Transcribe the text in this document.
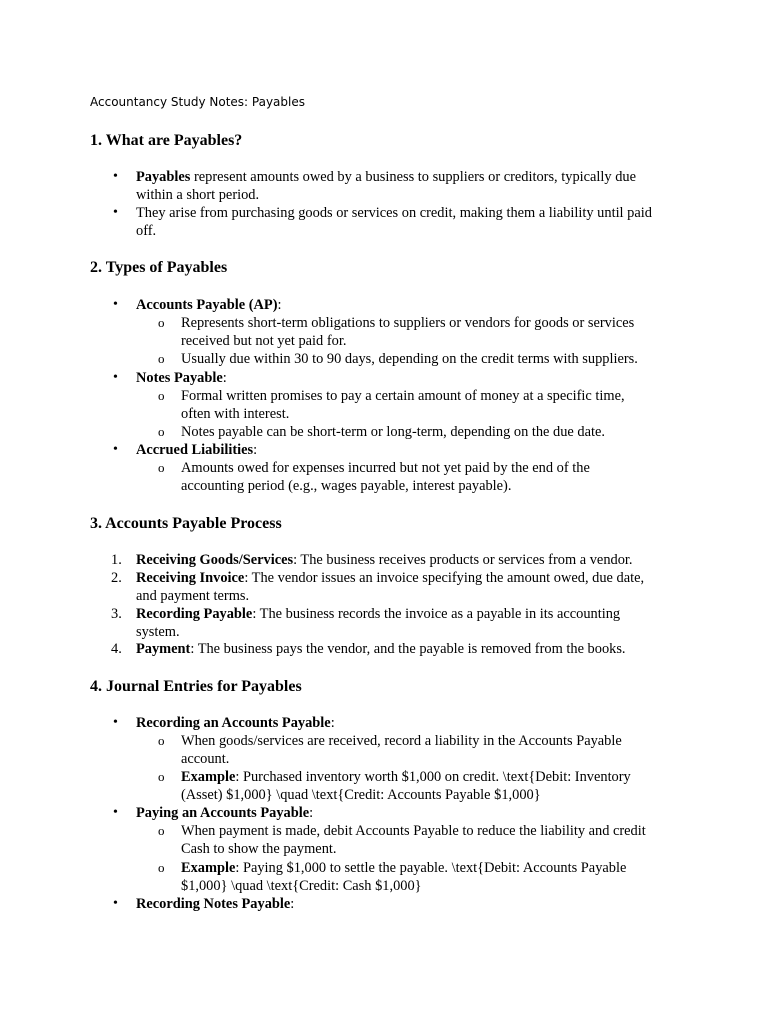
Accountancy Study Notes: Payables
1. What are Payables?
• Payables represent amounts owed by a business to suppliers or creditors, typically due
within a short period.
• They arise from purchasing goods or services on credit, making them a liability until paid
off.
2. Types of Payables
• Accounts Payable (AP):
o Represents short-term obligations to suppliers or vendors for goods or services
received but not yet paid for.
o Usually due within 30 to 90 days, depending on the credit terms with suppliers.
• Notes Payable:
o Formal written promises to pay a certain amount of money at a specific time,
often with interest.
o Notes payable can be short-term or long-term, depending on the due date.
• Accrued Liabilities:
o Amounts owed for expenses incurred but not yet paid by the end of the
accounting period (e.g., wages payable, interest payable).
3. Accounts Payable Process
1. Receiving Goods/Services: The business receives products or services from a vendor.
2. Receiving Invoice: The vendor issues an invoice specifying the amount owed, due date,
and payment terms.
3. Recording Payable: The business records the invoice as a payable in its accounting
system.
4. Payment: The business pays the vendor, and the payable is removed from the books.
4. Journal Entries for Payables
• Recording an Accounts Payable:
o When goods/services are received, record a liability in the Accounts Payable
account.
o Example: Purchased inventory worth $1,000 on credit. \text{Debit: Inventory
(Asset) $1,000} \quad \text{Credit: Accounts Payable $1,000}
• Paying an Accounts Payable:
o When payment is made, debit Accounts Payable to reduce the liability and credit
Cash to show the payment.
o Example: Paying $1,000 to settle the payable. \text{Debit: Accounts Payable
$1,000} \quad \text{Credit: Cash $1,000}
• Recording Notes Payable:
